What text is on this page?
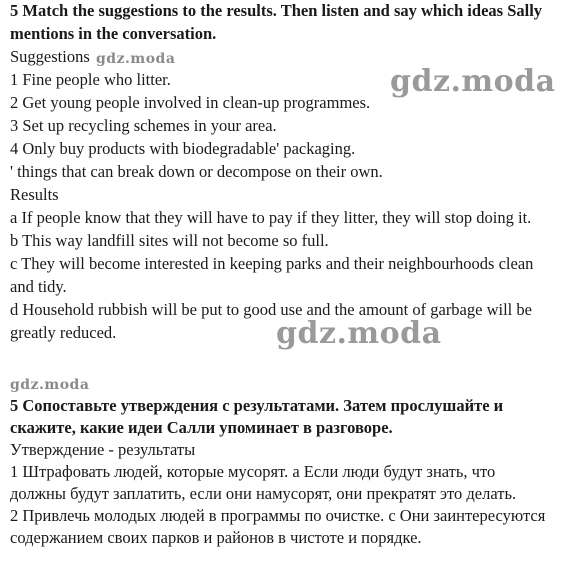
5 Match the suggestions to the results. Then listen and say which ideas Sally
mentions in the conversation.
Suggestions
1 Fine people who litter.
2 Get young people involved in clean-up programmes.
3 Set up recycling schemes in your area.
4 Only buy products with biodegradable' packaging.
' things that can break down or decompose on their own.
Results
a If people know that they will have to pay if they litter, they will stop doing it.
b This way landfill sites will not become so full.
c They will become interested in keeping parks and their neighbourhoods clean
and tidy.
d Household rubbish will be put to good use and the amount of garbage will be
greatly reduced.
5 Сопоставьте утверждения с результатами. Затем прослушайте и
скажите, какие идеи Салли упоминает в разговоре.
Утверждение - результаты
1 Штрафовать людей, которые мусорят. a Если люди будут знать, что
должны будут заплатить, если они намусорят, они прекратят это делать.
2 Привлечь молодых людей в программы по очистке. c Они заинтересуются
содержанием своих парков и районов в чистоте и порядке.
gdz.moda
gdz.moda
gdz.moda
gdz.moda
